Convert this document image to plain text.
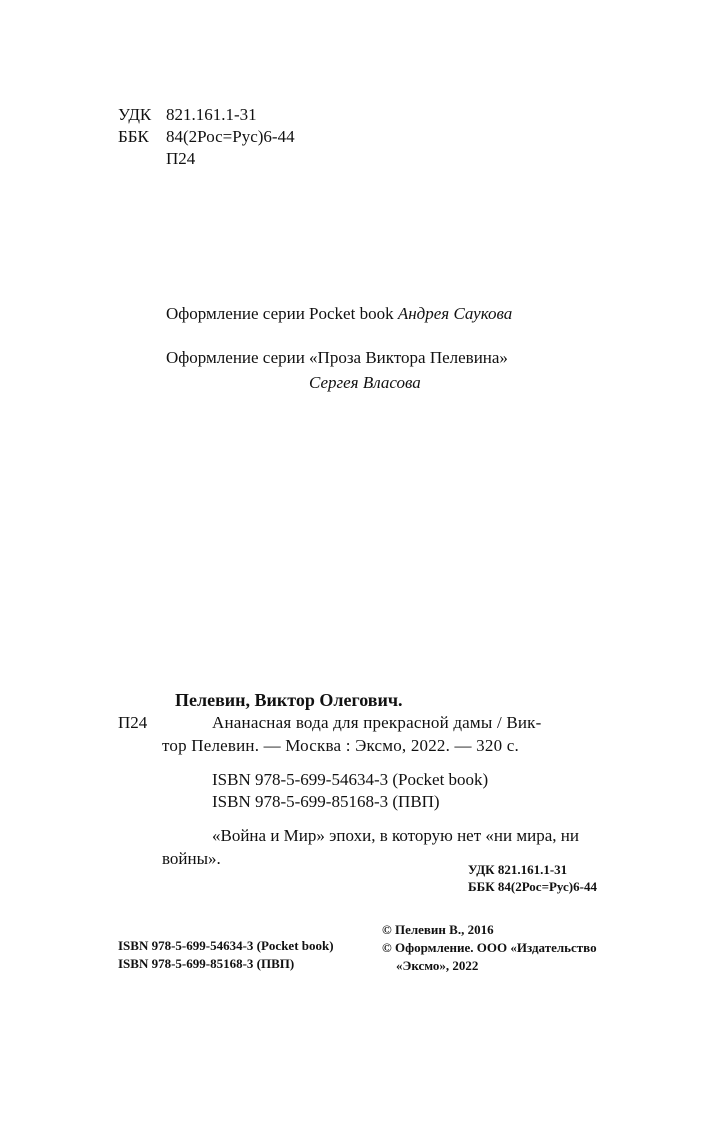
УДК 821.161.1-31
ББК 84(2Рос=Рус)6-44
П24
Оформление серии Pocket book Андрея Саукова
Оформление серии «Проза Виктора Пелевина»
Сергея Власова
Пелевин, Виктор Олегович.
П24	Ананасная вода для прекрасной дамы / Вик-
тор Пелевин. — Москва : Эксмо, 2022. — 320 с.
ISBN 978-5-699-54634-3 (Pocket book)
ISBN 978-5-699-85168-3 (ПВП)
«Война и Мир» эпохи, в которую нет «ни мира, ни
войны».
УДК 821.161.1-31
ББК 84(2Рос=Рус)6-44
ISBN 978-5-699-54634-3 (Pocket book)
ISBN 978-5-699-85168-3 (ПВП)
© Пелевин В., 2016
© Оформление. ООО «Издательство
«Эксмо», 2022
